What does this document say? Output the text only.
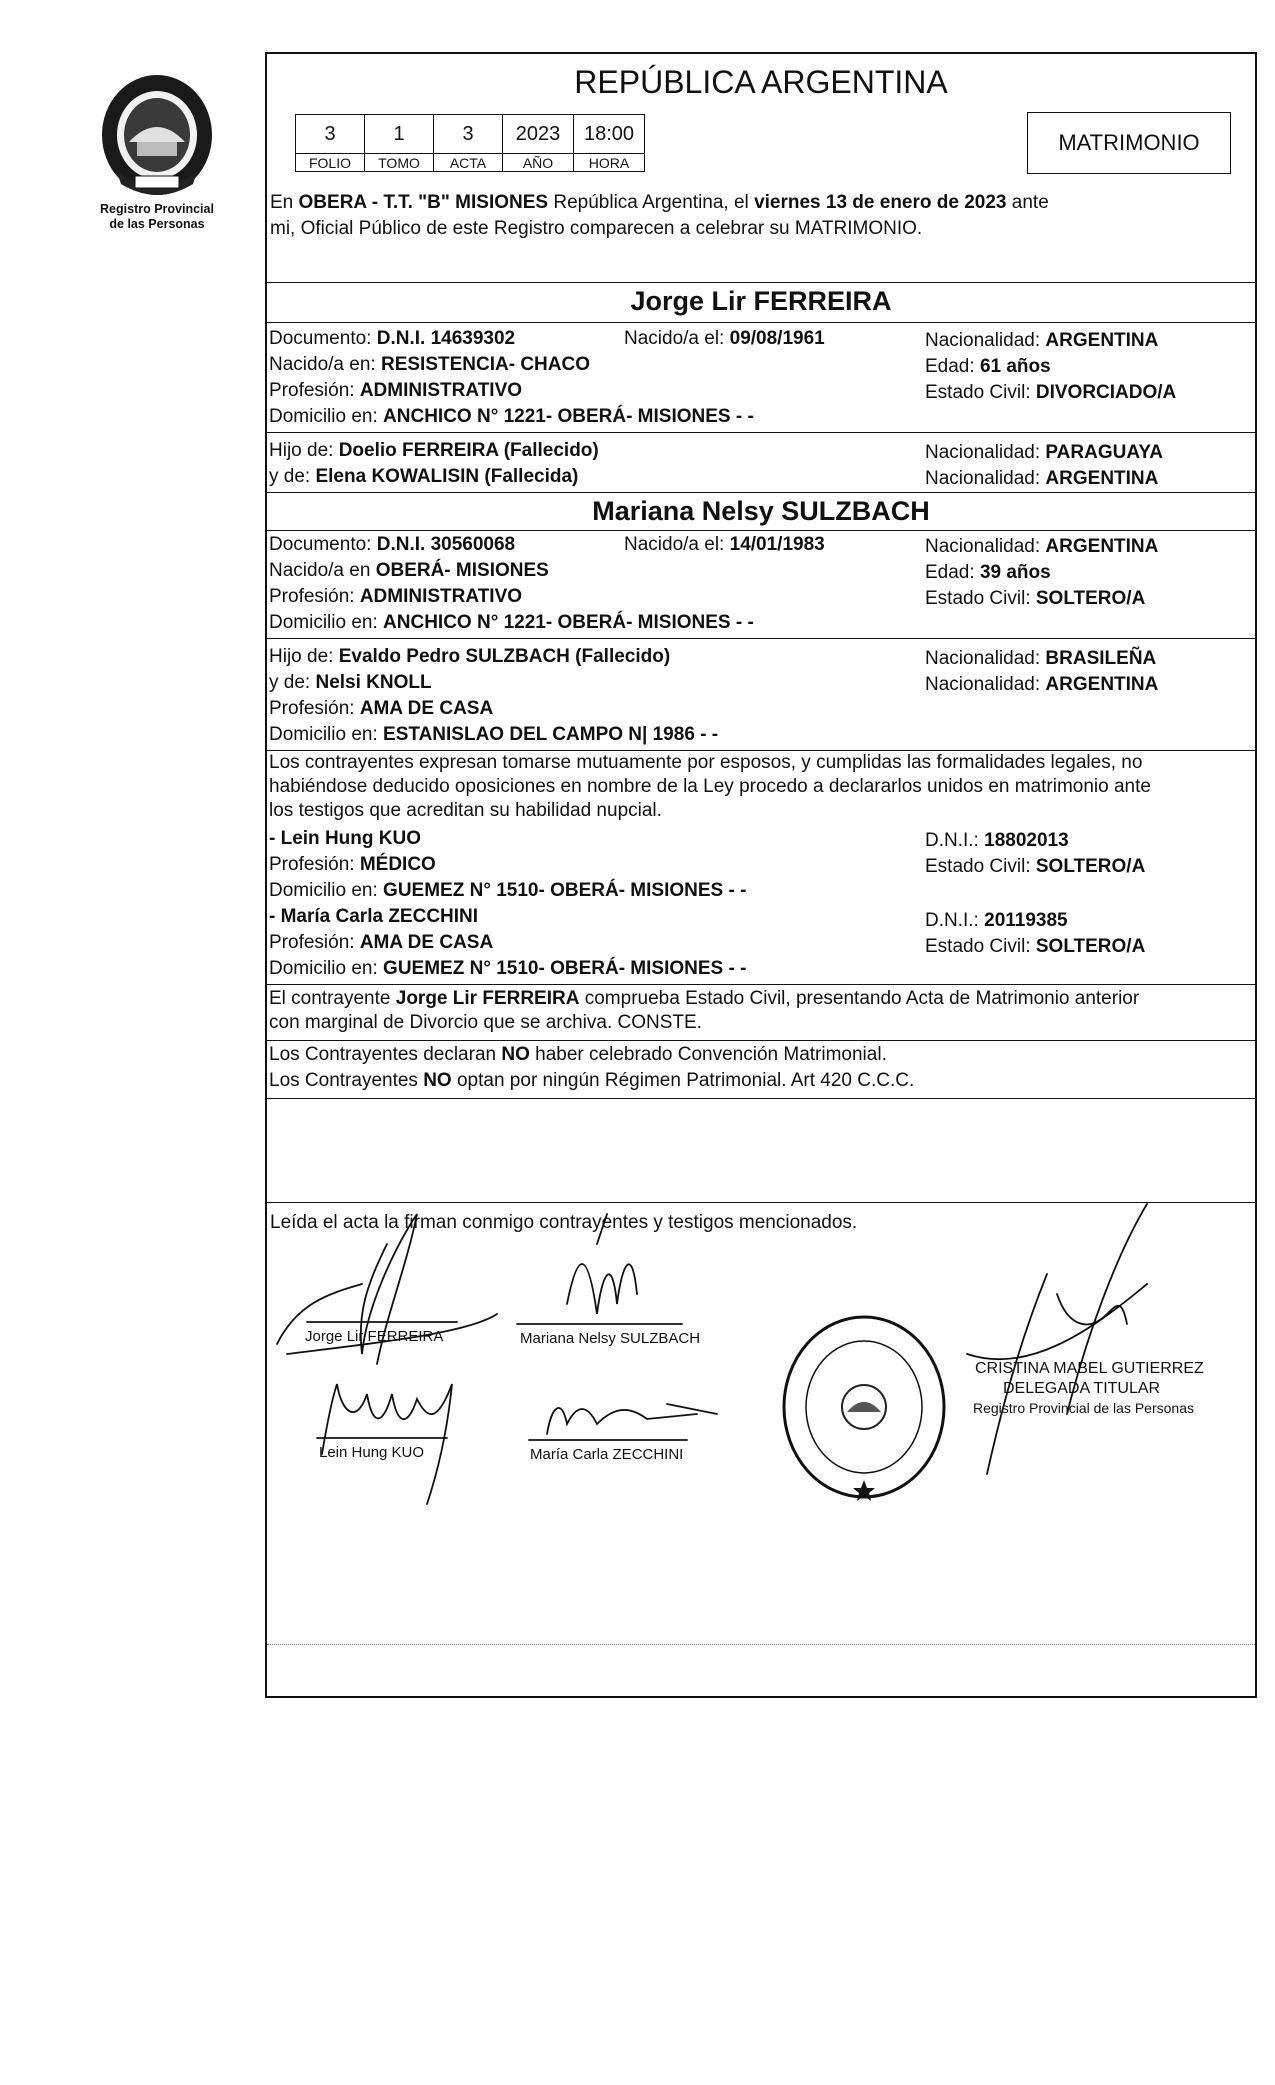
Registro Provincial
de las Personas
REPÚBLICA ARGENTINA
3	1	3	2023	18:00
FOLIO	TOMO	ACTA	AÑO	HORA
MATRIMONIO
En OBERA - T.T. "B" MISIONES República Argentina, el viernes 13 de enero de 2023 ante
mi, Oficial Público de este Registro comparecen a celebrar su MATRIMONIO.
Jorge Lir FERREIRA
Documento: D.N.I. 14639302	Nacido/a el: 09/08/1961	Nacionalidad: ARGENTINA
Nacido/a en: RESISTENCIA- CHACO	Edad: 61 años
Profesión: ADMINISTRATIVO	Estado Civil: DIVORCIADO/A
Domicilio en: ANCHICO N° 1221- OBERÁ- MISIONES - -
Hijo de: Doelio FERREIRA (Fallecido)	Nacionalidad: PARAGUAYA
y de: Elena KOWALISIN (Fallecida)	Nacionalidad: ARGENTINA
Mariana Nelsy SULZBACH
Documento: D.N.I. 30560068	Nacido/a el: 14/01/1983	Nacionalidad: ARGENTINA
Nacido/a en OBERÁ- MISIONES	Edad: 39 años
Profesión: ADMINISTRATIVO	Estado Civil: SOLTERO/A
Domicilio en: ANCHICO N° 1221- OBERÁ- MISIONES - -
Hijo de: Evaldo Pedro SULZBACH (Fallecido)	Nacionalidad: BRASILEÑA
y de: Nelsi KNOLL	Nacionalidad: ARGENTINA
Profesión: AMA DE CASA
Domicilio en: ESTANISLAO DEL CAMPO N| 1986 - -
Los contrayentes expresan tomarse mutuamente por esposos, y cumplidas las formalidades legales, no
habiéndose deducido oposiciones en nombre de la Ley procedo a declararlos unidos en matrimonio ante
los testigos que acreditan su habilidad nupcial.
- Lein Hung KUO	D.N.I.: 18802013
Profesión: MÉDICO	Estado Civil: SOLTERO/A
Domicilio en: GUEMEZ N° 1510- OBERÁ- MISIONES - -
- María Carla ZECCHINI	D.N.I.: 20119385
Profesión: AMA DE CASA	Estado Civil: SOLTERO/A
Domicilio en: GUEMEZ N° 1510- OBERÁ- MISIONES - -
El contrayente Jorge Lir FERREIRA comprueba Estado Civil, presentando Acta de Matrimonio anterior
con marginal de Divorcio que se archiva. CONSTE.
Los Contrayentes declaran NO haber celebrado Convención Matrimonial.
Los Contrayentes NO optan por ningún Régimen Patrimonial. Art 420 C.C.C.
Leída el acta la firman conmigo contrayentes y testigos mencionados.
Jorge Lir FERREIRA	Mariana Nelsy SULZBACH
Lein Hung KUO	María Carla ZECCHINI
CRISTINA MABEL GUTIERREZ
DELEGADA TITULAR
Registro Provincial de las Personas
